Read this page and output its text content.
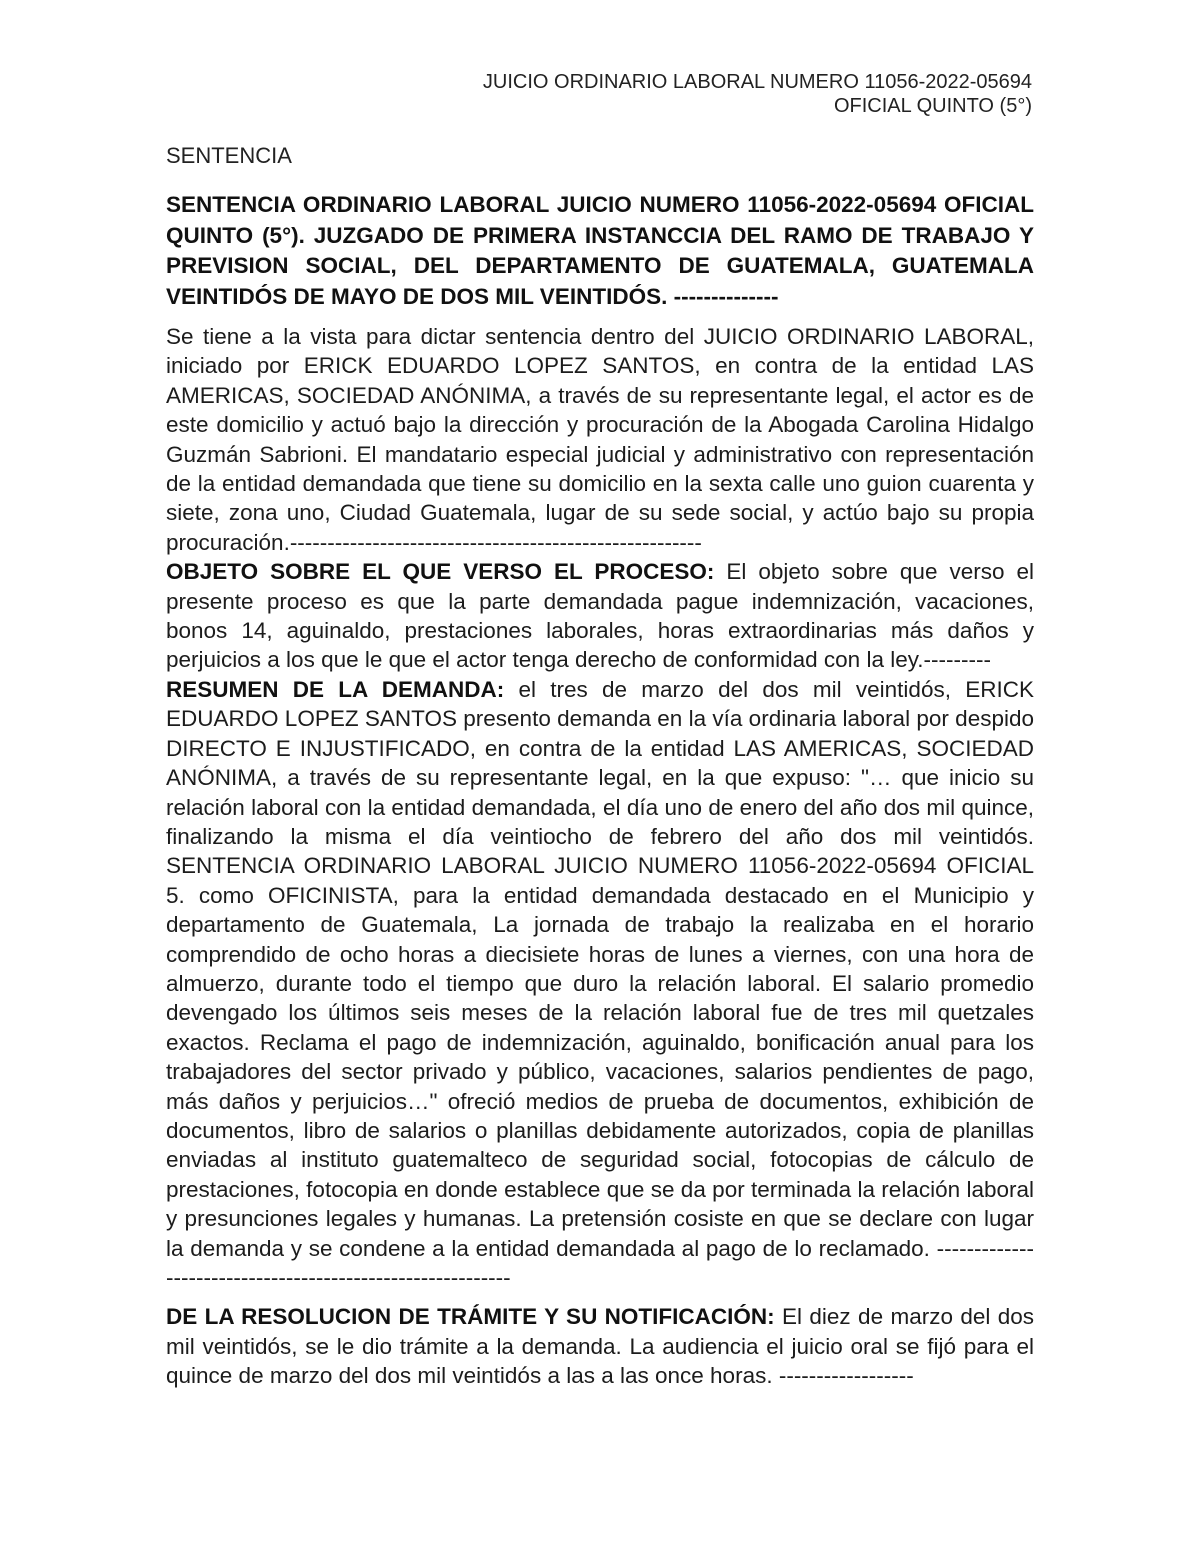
JUICIO ORDINARIO LABORAL NUMERO 11056-2022-05694
OFICIAL QUINTO (5°)
SENTENCIA

SENTENCIA ORDINARIO LABORAL JUICIO NUMERO 11056-2022-05694 OFICIAL QUINTO (5°). JUZGADO DE PRIMERA INSTANCCIA DEL RAMO DE TRABAJO Y PREVISION SOCIAL, DEL DEPARTAMENTO DE GUATEMALA, GUATEMALA VEINTIDÓS DE MAYO DE DOS MIL VEINTIDÓS. --------------

Se tiene a la vista para dictar sentencia dentro del JUICIO ORDINARIO LABORAL, iniciado por ERICK EDUARDO LOPEZ SANTOS, en contra de la entidad LAS AMERICAS, SOCIEDAD ANÓNIMA, a través de su representante legal, el actor es de este domicilio y actuó bajo la dirección y procuración de la Abogada Carolina Hidalgo Guzmán Sabrioni. El mandatario especial judicial y administrativo con representación de la entidad demandada que tiene su domicilio en la sexta calle uno guion cuarenta y siete, zona uno, Ciudad Guatemala, lugar de su sede social, y actúo bajo su propia procuración.-------------------------------------------------------

OBJETO SOBRE EL QUE VERSO EL PROCESO: El objeto sobre que verso el presente proceso es que la parte demandada pague indemnización, vacaciones, bonos 14, aguinaldo, prestaciones laborales, horas extraordinarias más daños y perjuicios a los que le que el actor tenga derecho de conformidad con la ley.---------

RESUMEN DE LA DEMANDA: el tres de marzo del dos mil veintidós, ERICK EDUARDO LOPEZ SANTOS presento demanda en la vía ordinaria laboral por despido DIRECTO E INJUSTIFICADO, en contra de la entidad LAS AMERICAS, SOCIEDAD ANÓNIMA, a través de su representante legal, en la que expuso: "… que inicio su relación laboral con la entidad demandada, el día uno de enero del año dos mil quince, finalizando la misma el día veintiocho de febrero del año dos mil veintidós. SENTENCIA ORDINARIO LABORAL JUICIO NUMERO 11056-2022-05694 OFICIAL 5. como OFICINISTA, para la entidad demandada destacado en el Municipio y departamento de Guatemala, La jornada de trabajo la realizaba en el horario comprendido de ocho horas a diecisiete horas de lunes a viernes, con una hora de almuerzo, durante todo el tiempo que duro la relación laboral. El salario promedio devengado los últimos seis meses de la relación laboral fue de tres mil quetzales exactos. Reclama el pago de indemnización, aguinaldo, bonificación anual para los trabajadores del sector privado y público, vacaciones, salarios pendientes de pago, más daños y perjuicios…" ofreció medios de prueba de documentos, exhibición de documentos, libro de salarios o planillas debidamente autorizados, copia de planillas enviadas al instituto guatemalteco de seguridad social, fotocopias de cálculo de prestaciones, fotocopia en donde establece que se da por terminada la relación laboral y presunciones legales y humanas. La pretensión cosiste en que se declare con lugar la demanda y se condene a la entidad demandada al pago de lo reclamado. -----------------------------------------------------------

DE LA RESOLUCION DE TRÁMITE Y SU NOTIFICACIÓN: El diez de marzo del dos mil veintidós, se le dio trámite a la demanda. La audiencia el juicio oral se fijó para el quince de marzo del dos mil veintidós a las a las once horas. ------------------
